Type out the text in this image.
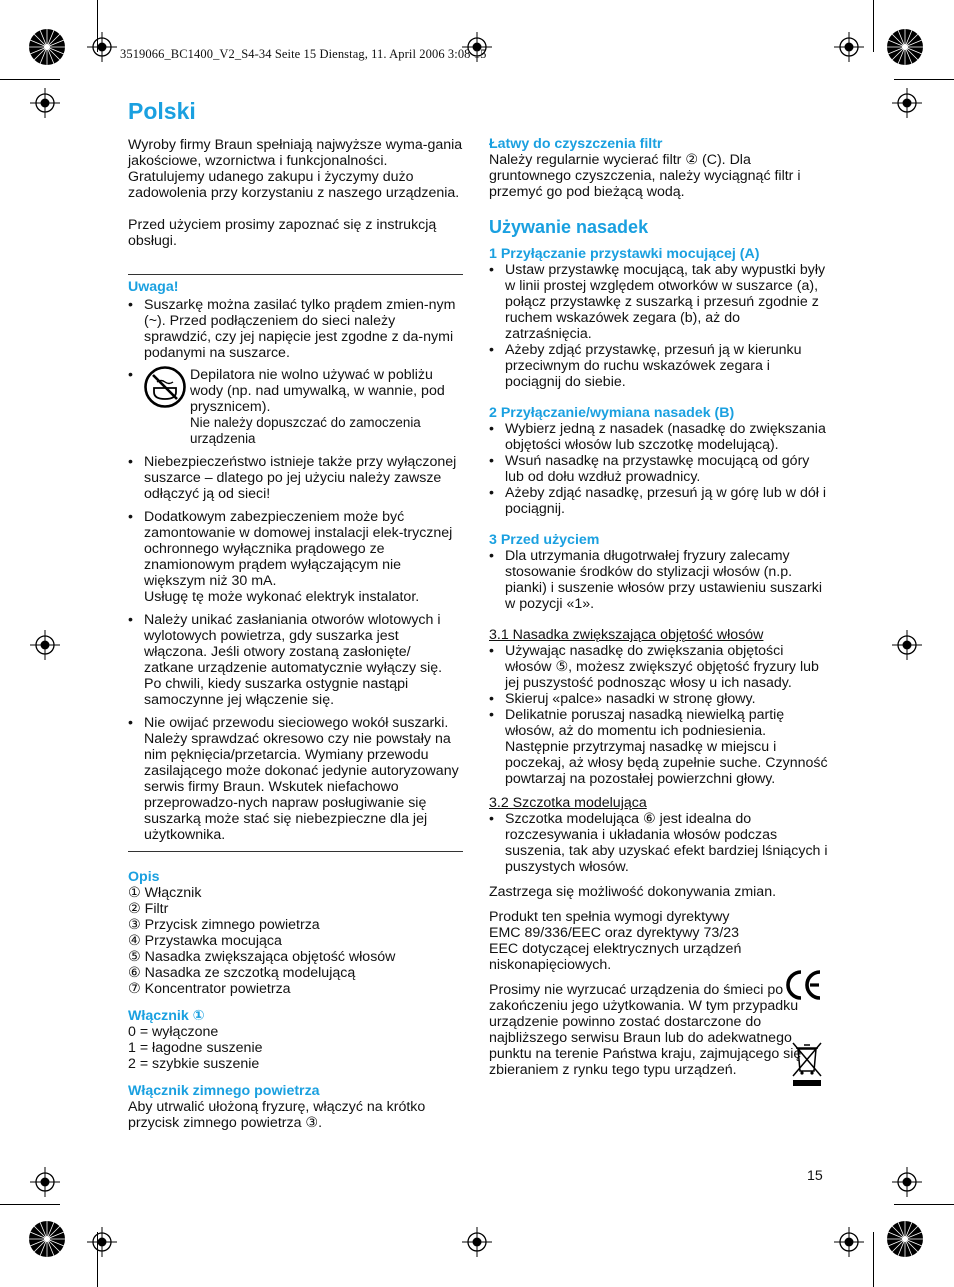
3519066_BC1400_V2_S4-34 Seite 15 Dienstag, 11. April 2006 3:08 15
Polski

Wyroby firmy Braun spełniają najwyższe wyma-gania jakościowe, wzornictwa i funkcjonalności. Gratulujemy udanego zakupu i życzymy dużo zadowolenia przy korzystaniu z naszego urządzenia.

Przed użyciem prosimy zapoznać się z instrukcją obsługi.

Uwaga!

• Suszarkę można zasilać tylko prądem zmien-nym (~). Przed podłączeniem do sieci należy sprawdzić, czy jej napięcie jest zgodne z da-nymi podanymi na suszarce.

• Depilatora nie wolno używać w pobliżu wody (np. nad umywalką, w wannie, pod prysznicem).

Nie należy dopuszczać do zamoczenia urządzenia

• Niebezpieczeństwo istnieje także przy wyłączonej suszarce – dlatego po jej użyciu należy zawsze odłączyć ją od sieci!

• Dodatkowym zabezpieczeniem może być zamontowanie w domowej instalacji elek-trycznej ochronnego wyłącznika prądowego ze znamionowym prądem wyłączającym nie większym niż 30 mA.

Usługę tę może wykonać elektryk instalator.

• Należy unikać zasłaniania otworów wlotowych i wylotowych powietrza, gdy suszarka jest włączona. Jeśli otwory zostaną zasłonięte/ zatkane urządzenie automatycznie wyłączy się. Po chwili, kiedy suszarka ostygnie nastąpi samoczynne jej włączenie się.

• Nie owijać przewodu sieciowego wokół suszarki. Należy sprawdzać okresowo czy nie powstały na nim pęknięcia/przetarcia. Wymiany przewodu zasilającego może dokonać jedynie autoryzowany serwis firmy Braun. Wskutek niefachowo przeprowadzo-nych napraw posługiwanie się suszarką może stać się niebezpieczne dla jej użytkownika.

Opis

① Włącznik

② Filtr

③ Przycisk zimnego powietrza

④ Przystawka mocująca

⑤ Nasadka zwiększająca objętość włosów

⑥ Nasadka ze szczotką modelującą

⑦ Koncentrator powietrza

Włącznik ①

0 = wyłączone

1 = łagodne suszenie

2 = szybkie suszenie

Włącznik zimnego powietrza

Aby utrwalić ułożoną fryzurę, włączyć na krótko przycisk zimnego powietrza ③.

Łatwy do czyszczenia filtr

Należy regularnie wycierać filtr ② (C). Dla gruntownego czyszczenia, należy wyciągnąć filtr i przemyć go pod bieżącą wodą.

Używanie nasadek

1 Przyłączanie przystawki mocującej (A)

• Ustaw przystawkę mocującą, tak aby wypustki były w linii prostej względem otworków w suszarce (a), połącz przystawkę z suszarką i przesuń zgodnie z ruchem wskazówek zegara (b), aż do zatrzaśnięcia.

• Ażeby zdjąć przystawkę, przesuń ją w kierunku przeciwnym do ruchu wskazówek zegara i pociągnij do siebie.

2 Przyłączanie/wymiana nasadek (B)

• Wybierz jedną z nasadek (nasadkę do zwiększania objętości włosów lub szczotkę modelującą).

• Wsuń nasadkę na przystawkę mocującą od góry lub od dołu wzdłuż prowadnicy.

• Ażeby zdjąć nasadkę, przesuń ją w górę lub w dół i pociągnij.

3 Przed użyciem

• Dla utrzymania długotrwałej fryzury zalecamy stosowanie środków do stylizacji włosów (n.p. pianki) i suszenie włosów przy ustawieniu suszarki w pozycji «1».

3.1 Nasadka zwiększająca objętość włosów

• Używając nasadkę do zwiększania objętości włosów ⑤, możesz zwiększyć objętość fryzury lub jej puszystość podnosząc włosy u ich nasady.

• Skieruj «palce» nasadki w stronę głowy.

• Delikatnie poruszaj nasadką niewielką partię włosów, aż do momentu ich podniesienia. Następnie przytrzymaj nasadkę w miejscu i poczekaj, aż włosy będą zupełnie suche. Czynność powtarzaj na pozostałej powierzchni głowy.

3.2 Szczotka modelująca

• Szczotka modelująca ⑥ jest idealna do rozczesywania i układania włosów podczas suszenia, tak aby uzyskać efekt bardziej lśniących i puszystych włosów.

Zastrzega się możliwość dokonywania zmian.

Produkt ten spełnia wymogi dyrektywy EMC 89/336/EEC oraz dyrektywy 73/23 EEC dotyczącej elektrycznych urządzeń niskonapięciowych.

Prosimy nie wyrzucać urządzenia do śmieci po zakończeniu jego użytkowania. W tym przypadku urządzenie powinno zostać dostarczone do najbliższego serwisu Braun lub do adekwatnego punktu na terenie Państwa kraju, zajmującego się zbieraniem z rynku tego typu urządzeń.

15
